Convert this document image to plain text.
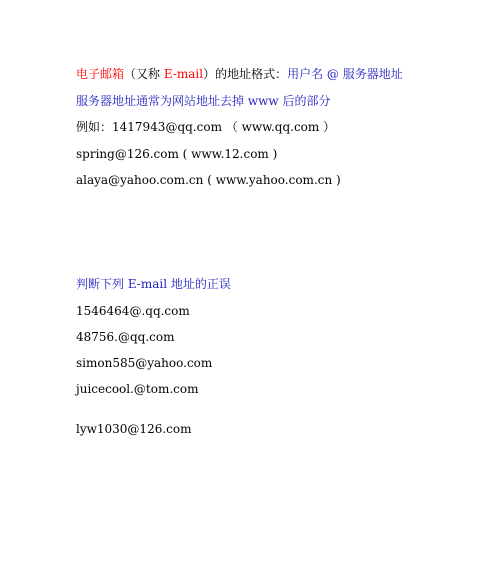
电子邮箱（又称 E-mail）的地址格式：用户名 @ 服务器地址
服务器地址通常为网站地址去掉 www 后的部分
例如：1417943@qq.com （ www.qq.com ）
spring@126.com ( www.12.com )
alaya@yahoo.com.cn ( www.yahoo.com.cn )
判断下列 E-mail 地址的正误
1546464@.qq.com
48756.@qq.com
simon585@yahoo.com
juicecool.@tom.com
lyw1030@126.com
